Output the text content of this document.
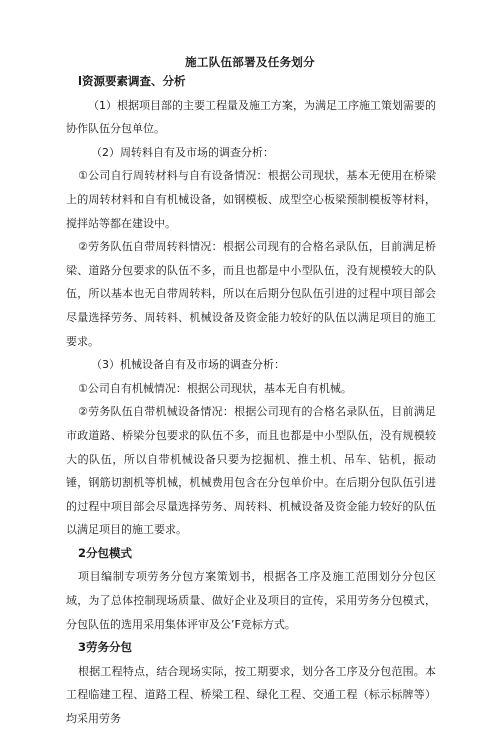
施工队伍部署及任务划分

l资源要素调查、分析

（1）根据项目部的主要工程量及施工方案，为满足工序施工策划需要的协作队伍分包单位。

（2）周转料自有及市场的调查分析：

①公司自行周转材料与自有设备情况：根据公司现状，基本无使用在桥梁上的周转材料和自有机械设备，如钢模板、成型空心板梁预制模板等材料，搅拌站等都在建设中。

②劳务队伍自带周转料情况：根据公司现有的合格名录队伍，目前满足桥梁、道路分包要求的队伍不多，而且也都是中小型队伍，没有规模较大的队伍，所以基本也无自带周转料，所以在后期分包队伍引进的过程中项目部会尽量选择劳务、周转料、机械设备及资金能力较好的队伍以满足项目的施工要求。

（3）机械设备自有及市场的调查分析：

①公司自有机械情况：根据公司现状，基本无自有机械。

②劳务队伍自带机械设备情况：根据公司现有的合格名录队伍，目前满足市政道路、桥梁分包要求的队伍不多，而且也都是中小型队伍，没有规模较大的队伍，所以自带机械设备只要为挖掘机、推土机、吊车、钻机，振动锤，钢筋切割机等机械，机械费用包含在分包单价中。在后期分包队伍引进的过程中项目部会尽量选择劳务、周转料、机械设备及资金能力较好的队伍以满足项目的施工要求。

2分包模式

项目编制专项劳务分包方案策划书，根据各工序及施工范围划分分包区域，为了总体控制现场质量、做好企业及项目的宣传，采用劳务分包模式，分包队伍的选用采用集体评审及公’F竞标方式。

3劳务分包

根据工程特点，结合现场实际，按工期要求，划分各工序及分包范围。本工程临建工程、道路工程、桥梁工程、绿化工程、交通工程（标示标牌等）均采用劳务
